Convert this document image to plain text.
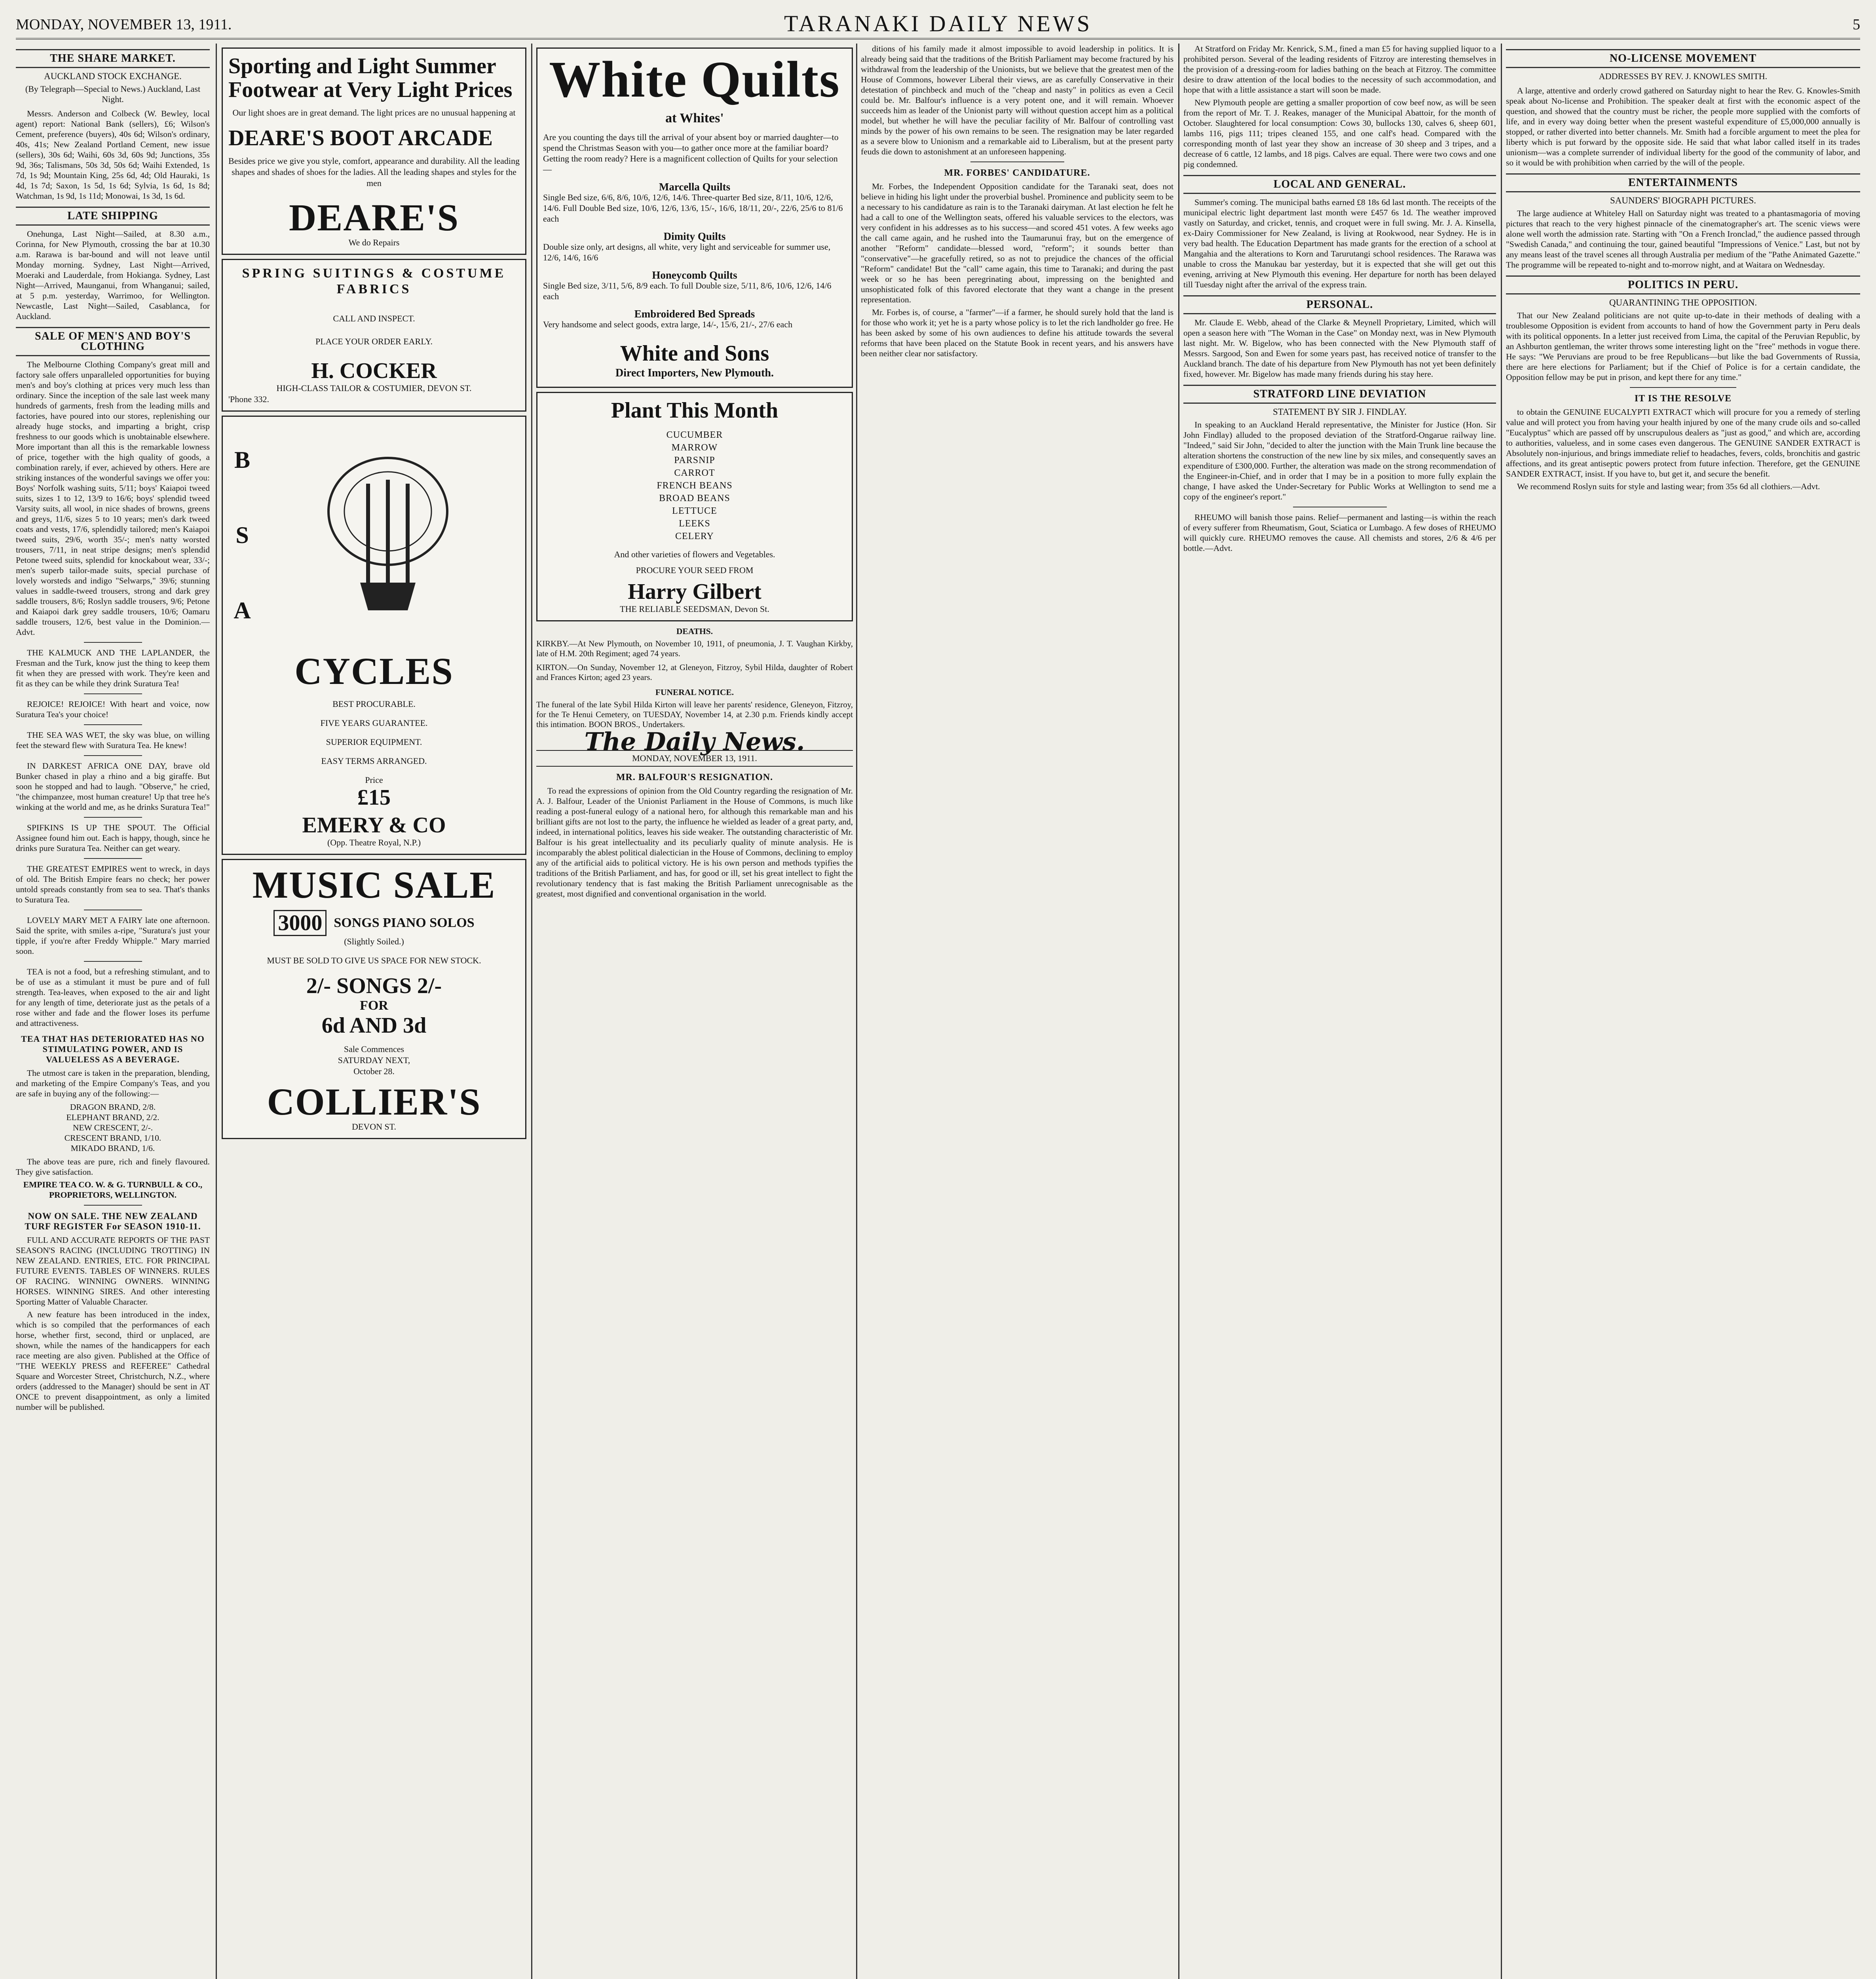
MONDAY, NOVEMBER 13, 1911.	TARANAKI DAILY NEWS	5
THE SHARE MARKET.
AUCKLAND STOCK EXCHANGE.
(By Telegraph—Special to News.) Auckland, Last Night.

Messrs. Anderson and Colbeck (W. Bewley, local agent) report: National Bank (sellers), £6; Wilson's Cement, preference (buyers), 40s 6d; Wilson's ordinary, 40s, 41s; New Zealand Portland Cement, new issue (sellers), 30s 6d; Waihi, 60s 3d, 60s 9d; Junctions, 35s 9d, 36s; Talismans, 50s 3d, 50s 6d; Waihi Extended, 1s 7d, 1s 9d; Mountain King, 25s 6d, 4d; Old Hauraki, 1s 4d, 1s 7d; Saxon, 1s 5d, 1s 6d; Sylvia, 1s 6d, 1s 8d; Watchman, 1s 9d, 1s 11d; Monowai, 1s 3d, 1s 6d.

LATE SHIPPING

Onehunga, Last Night—Sailed, at 8.30 a.m., Corinna, for New Plymouth, crossing the bar at 10.30 a.m. Rarawa is bar-bound and will not leave until Monday morning. Sydney, Last Night—Arrived, Moeraki and Lauderdale, from Hokianga. Sydney, Last Night—Arrived, Maunganui, from Whanganui; sailed, at 5 p.m. yesterday, Warrimoo, for Wellington. Newcastle, Last Night—Sailed, Casablanca, for Auckland.

SALE OF MEN'S AND BOY'S CLOTHING

The Melbourne Clothing Company's great mill and factory sale offers unparalleled opportunities for buying men's and boy's clothing at prices very much less than ordinary. Since the inception of the sale last week many hundreds of garments, fresh from the leading mills and factories, have poured into our stores, replenishing our already huge stocks, and imparting a bright, crisp freshness to our goods which is unobtainable elsewhere. More important than all this is the remarkable lowness of price, together with the high quality of goods, a combination rarely, if ever, achieved by others. Here are striking instances of the wonderful savings we offer you: Boys' Norfolk washing suits, 5/11; boys' Kaiapoi tweed suits, sizes 1 to 12, 13/9 to 16/6; boys' splendid tweed Varsity suits, all wool, in nice shades of browns, greens and greys, 11/6, sizes 5 to 10 years; men's dark tweed coats and vests, 17/6, splendidly tailored; men's Kaiapoi tweed suits, 29/6, worth 35/-; men's natty worsted trousers, 7/11, in neat stripe designs; men's splendid Petone tweed suits, splendid for knockabout wear, 33/-; men's superb tailor-made suits, special purchase of lovely worsteds and indigo "Selwarps," 39/6; stunning values in saddle-tweed trousers, strong and dark grey saddle trousers, 8/6; Roslyn saddle trousers, 9/6; Petone and Kaiapoi dark grey saddle trousers, 10/6; Oamaru saddle trousers, 12/6, best value in the Dominion.—Advt.

THE KALMUCK AND THE LAPLANDER, the Fresman and the Turk, know just the thing to keep them fit when they are pressed with work. They're keen and fit as they can be while they drink Suratura Tea!

REJOICE! REJOICE! With heart and voice, now Suratura Tea's your choice!

THE SEA WAS WET, the sky was blue, on willing feet the steward flew with Suratura Tea. He knew!

IN DARKEST AFRICA ONE DAY, brave old Bunker chased in play a rhino and a big giraffe. But soon he stopped and had to laugh. "Observe," he cried, "the chimpanzee, most human creature! Up that tree he's winking at the world and me, as he drinks Suratura Tea!"

SPIFKINS IS UP THE SPOUT. The Official Assignee found him out. Each is happy, though, since he drinks pure Suratura Tea. Neither can get weary.

THE GREATEST EMPIRES went to wreck, in days of old. The British Empire fears no check; her power untold spreads constantly from sea to sea. That's thanks to Suratura Tea.

LOVELY MARY MET A FAIRY late one afternoon. Said the sprite, with smiles a-ripe, "Suratura's just your tipple, if you're after Freddy Whipple." Mary married soon.

TEA is not a food, but a refreshing stimulant, and to be of use as a stimulant it must be pure and of full strength. Tea-leaves, when exposed to the air and light for any length of time, deteriorate just as the petals of a rose wither and fade and the flower loses its perfume and attractiveness.

TEA THAT HAS DETERIORATED HAS NO STIMULATING POWER, AND IS VALUELESS AS A BEVERAGE.

The utmost care is taken in the preparation, blending, and marketing of the Empire Company's Teas, and you are safe in buying any of the following:—

DRAGON BRAND, 2/8.
ELEPHANT BRAND, 2/2.
NEW CRESCENT, 2/-.
CRESCENT BRAND, 1/10.
MIKADO BRAND, 1/6.

The above teas are pure, rich and finely flavoured. They give satisfaction.

EMPIRE TEA CO. W. & G. TURNBULL & CO., PROPRIETORS, WELLINGTON.
NOW ON SALE. THE NEW ZEALAND TURF REGISTER For SEASON 1910-11.

FULL AND ACCURATE REPORTS OF THE PAST SEASON'S RACING (INCLUDING TROTTING) IN NEW ZEALAND. ENTRIES, ETC. FOR PRINCIPAL FUTURE EVENTS. TABLES OF WINNERS. RULES OF RACING. WINNING OWNERS. WINNING HORSES. WINNING SIRES. And other interesting Sporting Matter of Valuable Character.

A new feature has been introduced in the index, which is so compiled that the performances of each horse, whether first, second, third or unplaced, are shown, while the names of the handicappers for each race meeting are also given. Published at the Office of "THE WEEKLY PRESS and REFEREE" Cathedral Square and Worcester Street, Christchurch, N.Z., where orders (addressed to the Manager) should be sent in AT ONCE to prevent disappointment, as only a limited number will be published.

Sporting and Light Summer Footwear at Very Light Prices
Our light shoes are in great demand. The light prices are no unusual happening at
DEARE'S BOOT ARCADE
Besides price we give you style, comfort, appearance and durability. All the leading shapes and shades of shoes for the ladies. All the leading shapes and styles for the men
DEARE'S
We do Repairs
SPRING SUITINGS & COSTUME FABRICS
CALL AND INSPECT.
PLACE YOUR ORDER EARLY.
H. COCKER
HIGH-CLASS TAILOR & COSTUMIER, DEVON ST.
'Phone 332.
B
S
A
CYCLES
BEST PROCURABLE.
FIVE YEARS GUARANTEE.
SUPERIOR EQUIPMENT.
EASY TERMS ARRANGED.
Price
£15
EMERY & CO
(Opp. Theatre Royal, N.P.)
MUSIC SALE
3000 SONGS PIANO SOLOS
(Slightly Soiled.)
MUST BE SOLD TO GIVE US SPACE FOR NEW STOCK.
2/- SONGS 2/-
FOR
6d AND 3d
Sale Commences
SATURDAY NEXT,
October 28.
COLLIER'S
DEVON ST.
White Quilts
at Whites'
Are you counting the days till the arrival of your absent boy or married daughter—to spend the Christmas Season with you—to gather once more at the familiar board? Getting the room ready? Here is a magnificent collection of Quilts for your selection—
Marcella Quilts
Single Bed size, 6/6, 8/6, 10/6, 12/6, 14/6. Three-quarter Bed size, 8/11, 10/6, 12/6, 14/6. Full Double Bed size, 10/6, 12/6, 13/6, 15/-, 16/6, 18/11, 20/-, 22/6, 25/6 to 81/6 each
Dimity Quilts
Double size only, art designs, all white, very light and serviceable for summer use, 12/6, 14/6, 16/6
Honeycomb Quilts
Single Bed size, 3/11, 5/6, 8/9 each. To full Double size, 5/11, 8/6, 10/6, 12/6, 14/6 each
Embroidered Bed Spreads
Very handsome and select goods, extra large, 14/-, 15/6, 21/-, 27/6 each
White and Sons
Direct Importers, New Plymouth.
Plant This Month
CUCUMBER
MARROW
PARSNIP
CARROT
FRENCH BEANS
BROAD BEANS
LETTUCE
LEEKS
CELERY
And other varieties of flowers and Vegetables.
PROCURE YOUR SEED FROM
Harry Gilbert
THE RELIABLE SEEDSMAN, Devon St.
DEATHS.

KIRKBY.—At New Plymouth, on November 10, 1911, of pneumonia, J. T. Vaughan Kirkby, late of H.M. 20th Regiment; aged 74 years.

KIRTON.—On Sunday, November 12, at Gleneyon, Fitzroy, Sybil Hilda, daughter of Robert and Frances Kirton; aged 23 years.

FUNERAL NOTICE.

The funeral of the late Sybil Hilda Kirton will leave her parents' residence, Gleneyon, Fitzroy, for the Te Henui Cemetery, on TUESDAY, November 14, at 2.30 p.m. Friends kindly accept this intimation. BOON BROS., Undertakers.

The Daily News.
MONDAY, NOVEMBER 13, 1911.
MR. BALFOUR'S RESIGNATION.

To read the expressions of opinion from the Old Country regarding the resignation of Mr. A. J. Balfour, Leader of the Unionist Parliament in the House of Commons, is much like reading a post-funeral eulogy of a national hero, for although this remarkable man and his brilliant gifts are not lost to the party, the influence he wielded as leader of a great party, and, indeed, in international politics, leaves his side weaker. The outstanding characteristic of Mr. Balfour is his great intellectuality and its peculiarly quality of minute analysis. He is incomparably the ablest political dialectician in the House of Commons, declining to employ any of the artificial aids to political victory. He is his own person and methods typifies the traditions of the British Parliament, and has, for good or ill, set his great intellect to fight the revolutionary tendency that is fast making the British Parliament unrecognisable as the greatest, most dignified and conventional organisation in the world.

ditions of his family made it almost impossible to avoid leadership in politics. It is already being said that the traditions of the British Parliament may become fractured by his withdrawal from the leadership of the Unionists, but we believe that the greatest men of the House of Commons, however Liberal their views, are as carefully Conservative in their detestation of pinchbeck and much of the "cheap and nasty" in politics as even a Cecil could be. Mr. Balfour's influence is a very potent one, and it will remain. Whoever succeeds him as leader of the Unionist party will without question accept him as a political model, but whether he will have the peculiar facility of Mr. Balfour of controlling vast minds by the power of his own remains to be seen. The resignation may be later regarded as a severe blow to Unionism and a remarkable aid to Liberalism, but at the present party feuds die down to astonishment at an unforeseen happening.

MR. FORBES' CANDIDATURE.

Mr. Forbes, the Independent Opposition candidate for the Taranaki seat, does not believe in hiding his light under the proverbial bushel. Prominence and publicity seem to be a necessary to his candidature as rain is to the Taranaki dairyman. At last election he felt he had a call to one of the Wellington seats, offered his valuable services to the electors, was very confident in his addresses as to his success—and scored 451 votes. A few weeks ago the call came again, and he rushed into the Taumarunui fray, but on the emergence of another "Reform" candidate—blessed word, "reform"; it sounds better than "conservative"—he gracefully retired, so as not to prejudice the chances of the official "Reform" candidate! But the "call" came again, this time to Taranaki; and during the past week or so he has been peregrinating about, impressing on the benighted and unsophisticated folk of this favored electorate that they want a change in the present representation.

Mr. Forbes is, of course, a "farmer"—if a farmer, he should surely hold that the land is for those who work it; yet he is a party whose policy is to let the rich landholder go free. He has been asked by some of his own audiences to define his attitude towards the several reforms that have been placed on the Statute Book in recent years, and his answers have been neither clear nor satisfactory.

At Stratford on Friday Mr. Kenrick, S.M., fined a man £5 for having supplied liquor to a prohibited person. Several of the leading residents of Fitzroy are interesting themselves in the provision of a dressing-room for ladies bathing on the beach at Fitzroy. The committee desire to draw attention of the local bodies to the necessity of such accommodation, and hope that with a little assistance a start will soon be made.

New Plymouth people are getting a smaller proportion of cow beef now, as will be seen from the report of Mr. T. J. Reakes, manager of the Municipal Abattoir, for the month of October. Slaughtered for local consumption: Cows 30, bullocks 130, calves 6, sheep 601, lambs 116, pigs 111; tripes cleaned 155, and one calf's head. Compared with the corresponding month of last year they show an increase of 30 sheep and 3 tripes, and a decrease of 6 cattle, 12 lambs, and 18 pigs. Calves are equal. There were two cows and one pig condemned.

LOCAL AND GENERAL.

Summer's coming. The municipal baths earned £8 18s 6d last month. The receipts of the municipal electric light department last month were £457 6s 1d. The weather improved vastly on Saturday, and cricket, tennis, and croquet were in full swing. Mr. J. A. Kinsella, ex-Dairy Commissioner for New Zealand, is living at Rookwood, near Sydney. He is in very bad health. The Education Department has made grants for the erection of a school at Mangahia and the alterations to Korn and Tarurutangi school residences. The Rarawa was unable to cross the Manukau bar yesterday, but it is expected that she will get out this evening, arriving at New Plymouth this evening. Her departure for north has been delayed till Tuesday night after the arrival of the express train.

PERSONAL.

Mr. Claude E. Webb, ahead of the Clarke & Meynell Proprietary, Limited, which will open a season here with "The Woman in the Case" on Monday next, was in New Plymouth last night. Mr. W. Bigelow, who has been connected with the New Plymouth staff of Messrs. Sargood, Son and Ewen for some years past, has received notice of transfer to the Auckland branch. The date of his departure from New Plymouth has not yet been definitely fixed, however. Mr. Bigelow has made many friends during his stay here.

STRATFORD LINE DEVIATION
STATEMENT BY SIR J. FINDLAY.

In speaking to an Auckland Herald representative, the Minister for Justice (Hon. Sir John Findlay) alluded to the proposed deviation of the Stratford-Ongarue railway line. "Indeed," said Sir John, "decided to alter the junction with the Main Trunk line because the alteration shortens the construction of the new line by six miles, and consequently saves an expenditure of £300,000. Further, the alteration was made on the strong recommendation of the Engineer-in-Chief, and in order that I may be in a position to more fully explain the change, I have asked the Under-Secretary for Public Works at Wellington to send me a copy of the engineer's report."

RHEUMO will banish those pains. Relief—permanent and lasting—is within the reach of every sufferer from Rheumatism, Gout, Sciatica or Lumbago. A few doses of RHEUMO will quickly cure. RHEUMO removes the cause. All chemists and stores, 2/6 & 4/6 per bottle.—Advt.

NO-LICENSE MOVEMENT
ADDRESSES BY REV. J. KNOWLES SMITH.

A large, attentive and orderly crowd gathered on Saturday night to hear the Rev. G. Knowles-Smith speak about No-license and Prohibition. The speaker dealt at first with the economic aspect of the question, and showed that the country must be richer, the people more supplied with the comforts of life, and in every way doing better when the present wasteful expenditure of £5,000,000 annually is stopped, or rather diverted into better channels. Mr. Smith had a forcible argument to meet the plea for liberty which is put forward by the opposite side. He said that what labor called itself in its trades unionism—was a complete surrender of individual liberty for the good of the community of labor, and so it would be with prohibition when carried by the will of the people.

ENTERTAINMENTS
SAUNDERS' BIOGRAPH PICTURES.

The large audience at Whiteley Hall on Saturday night was treated to a phantasmagoria of moving pictures that reach to the very highest pinnacle of the cinematographer's art. The scenic views were alone well worth the admission rate. Starting with "On a French Ironclad," the audience passed through "Swedish Canada," and continuing the tour, gained beautiful "Impressions of Venice." Last, but not by any means least of the travel scenes all through Australia per medium of the "Pathe Animated Gazette." The programme will be repeated to-night and to-morrow night, and at Waitara on Wednesday.

POLITICS IN PERU.
QUARANTINING THE OPPOSITION.

That our New Zealand politicians are not quite up-to-date in their methods of dealing with a troublesome Opposition is evident from accounts to hand of how the Government party in Peru deals with its political opponents. In a letter just received from Lima, the capital of the Peruvian Republic, by an Ashburton gentleman, the writer throws some interesting light on the "free" methods in vogue there. He says: "We Peruvians are proud to be free Republicans—but like the bad Governments of Russia, there are here elections for Parliament; but if the Chief of Police is for a certain candidate, the Opposition fellow may be put in prison, and kept there for any time."

IT IS THE RESOLVE

to obtain the GENUINE EUCALYPTI EXTRACT which will procure for you a remedy of sterling value and will protect you from having your health injured by one of the many crude oils and so-called "Eucalyptus" which are passed off by unscrupulous dealers as "just as good," and which are, according to authorities, valueless, and in some cases even dangerous. The GENUINE SANDER EXTRACT is Absolutely non-injurious, and brings immediate relief to headaches, fevers, colds, bronchitis and gastric affections, and its great antiseptic powers protect from future infection. Therefore, get the GENUINE SANDER EXTRACT, insist. If you have to, but get it, and secure the benefit.

We recommend Roslyn suits for style and lasting wear; from 35s 6d all clothiers.—Advt.
